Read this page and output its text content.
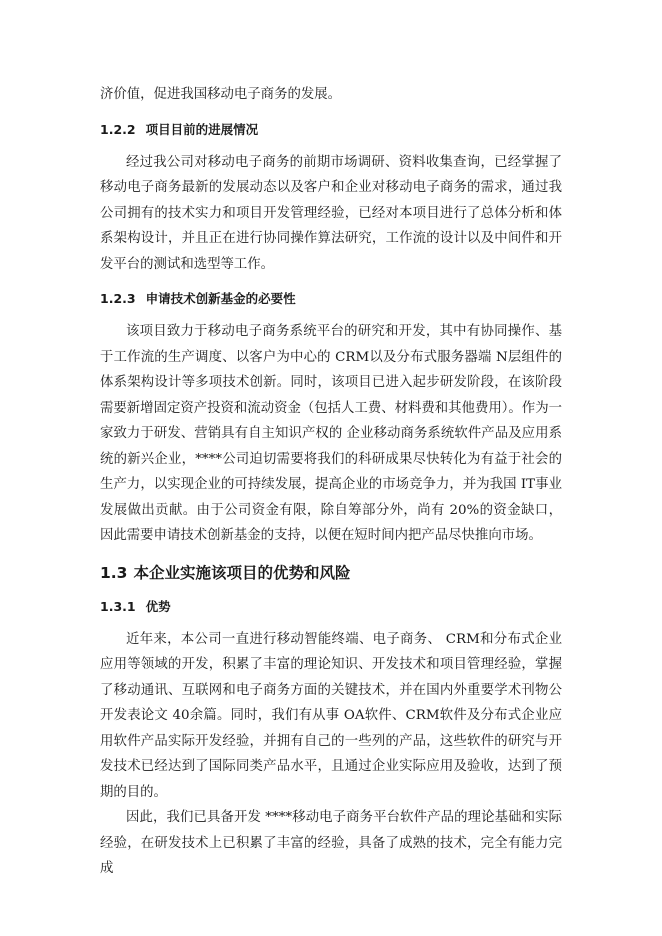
济价值，促进我国移动电子商务的发展。

1.2.2 项目目前的进展情况

经过我公司对移动电子商务的前期市场调研、资料收集查询，已经掌握了移动电子商务最新的发展动态以及客户和企业对移动电子商务的需求，通过我公司拥有的技术实力和项目开发管理经验，已经对本项目进行了总体分析和体系架构设计，并且正在进行协同操作算法研究，工作流的设计以及中间件和开发平台的测试和选型等工作。

1.2.3 申请技术创新基金的必要性

该项目致力于移动电子商务系统平台的研究和开发，其中有协同操作、基于工作流的生产调度、以客户为中心的 CRM以及分布式服务器端 N层组件的体系架构设计等多项技术创新。同时，该项目已进入起步研发阶段，在该阶段需要新增固定资产投资和流动资金（包括人工费、材料费和其他费用）。作为一家致力于研发、营销具有自主知识产权的 企业移动商务系统软件产品及应用系统的新兴企业，****公司迫切需要将我们的科研成果尽快转化为有益于社会的生产力，以实现企业的可持续发展，提高企业的市场竞争力，并为我国 IT事业发展做出贡献。由于公司资金有限，除自筹部分外，尚有 20%的资金缺口，因此需要申请技术创新基金的支持，以便在短时间内把产品尽快推向市场。

1.3 本企业实施该项目的优势和风险
1.3.1 优势

近年来，本公司一直进行移动智能终端、电子商务、 CRM和分布式企业应用等领域的开发，积累了丰富的理论知识、开发技术和项目管理经验，掌握了移动通讯、互联网和电子商务方面的关键技术，并在国内外重要学术刊物公开发表论文 40余篇。同时，我们有从事 OA软件、CRM软件及分布式企业应用软件产品实际开发经验，并拥有自己的一些列的产品，这些软件的研究与开发技术已经达到了国际同类产品水平，且通过企业实际应用及验收，达到了预期的目的。

因此，我们已具备开发 ****移动电子商务平台软件产品的理论基础和实际经验，在研发技术上已积累了丰富的经验，具备了成熟的技术，完全有能力完成
